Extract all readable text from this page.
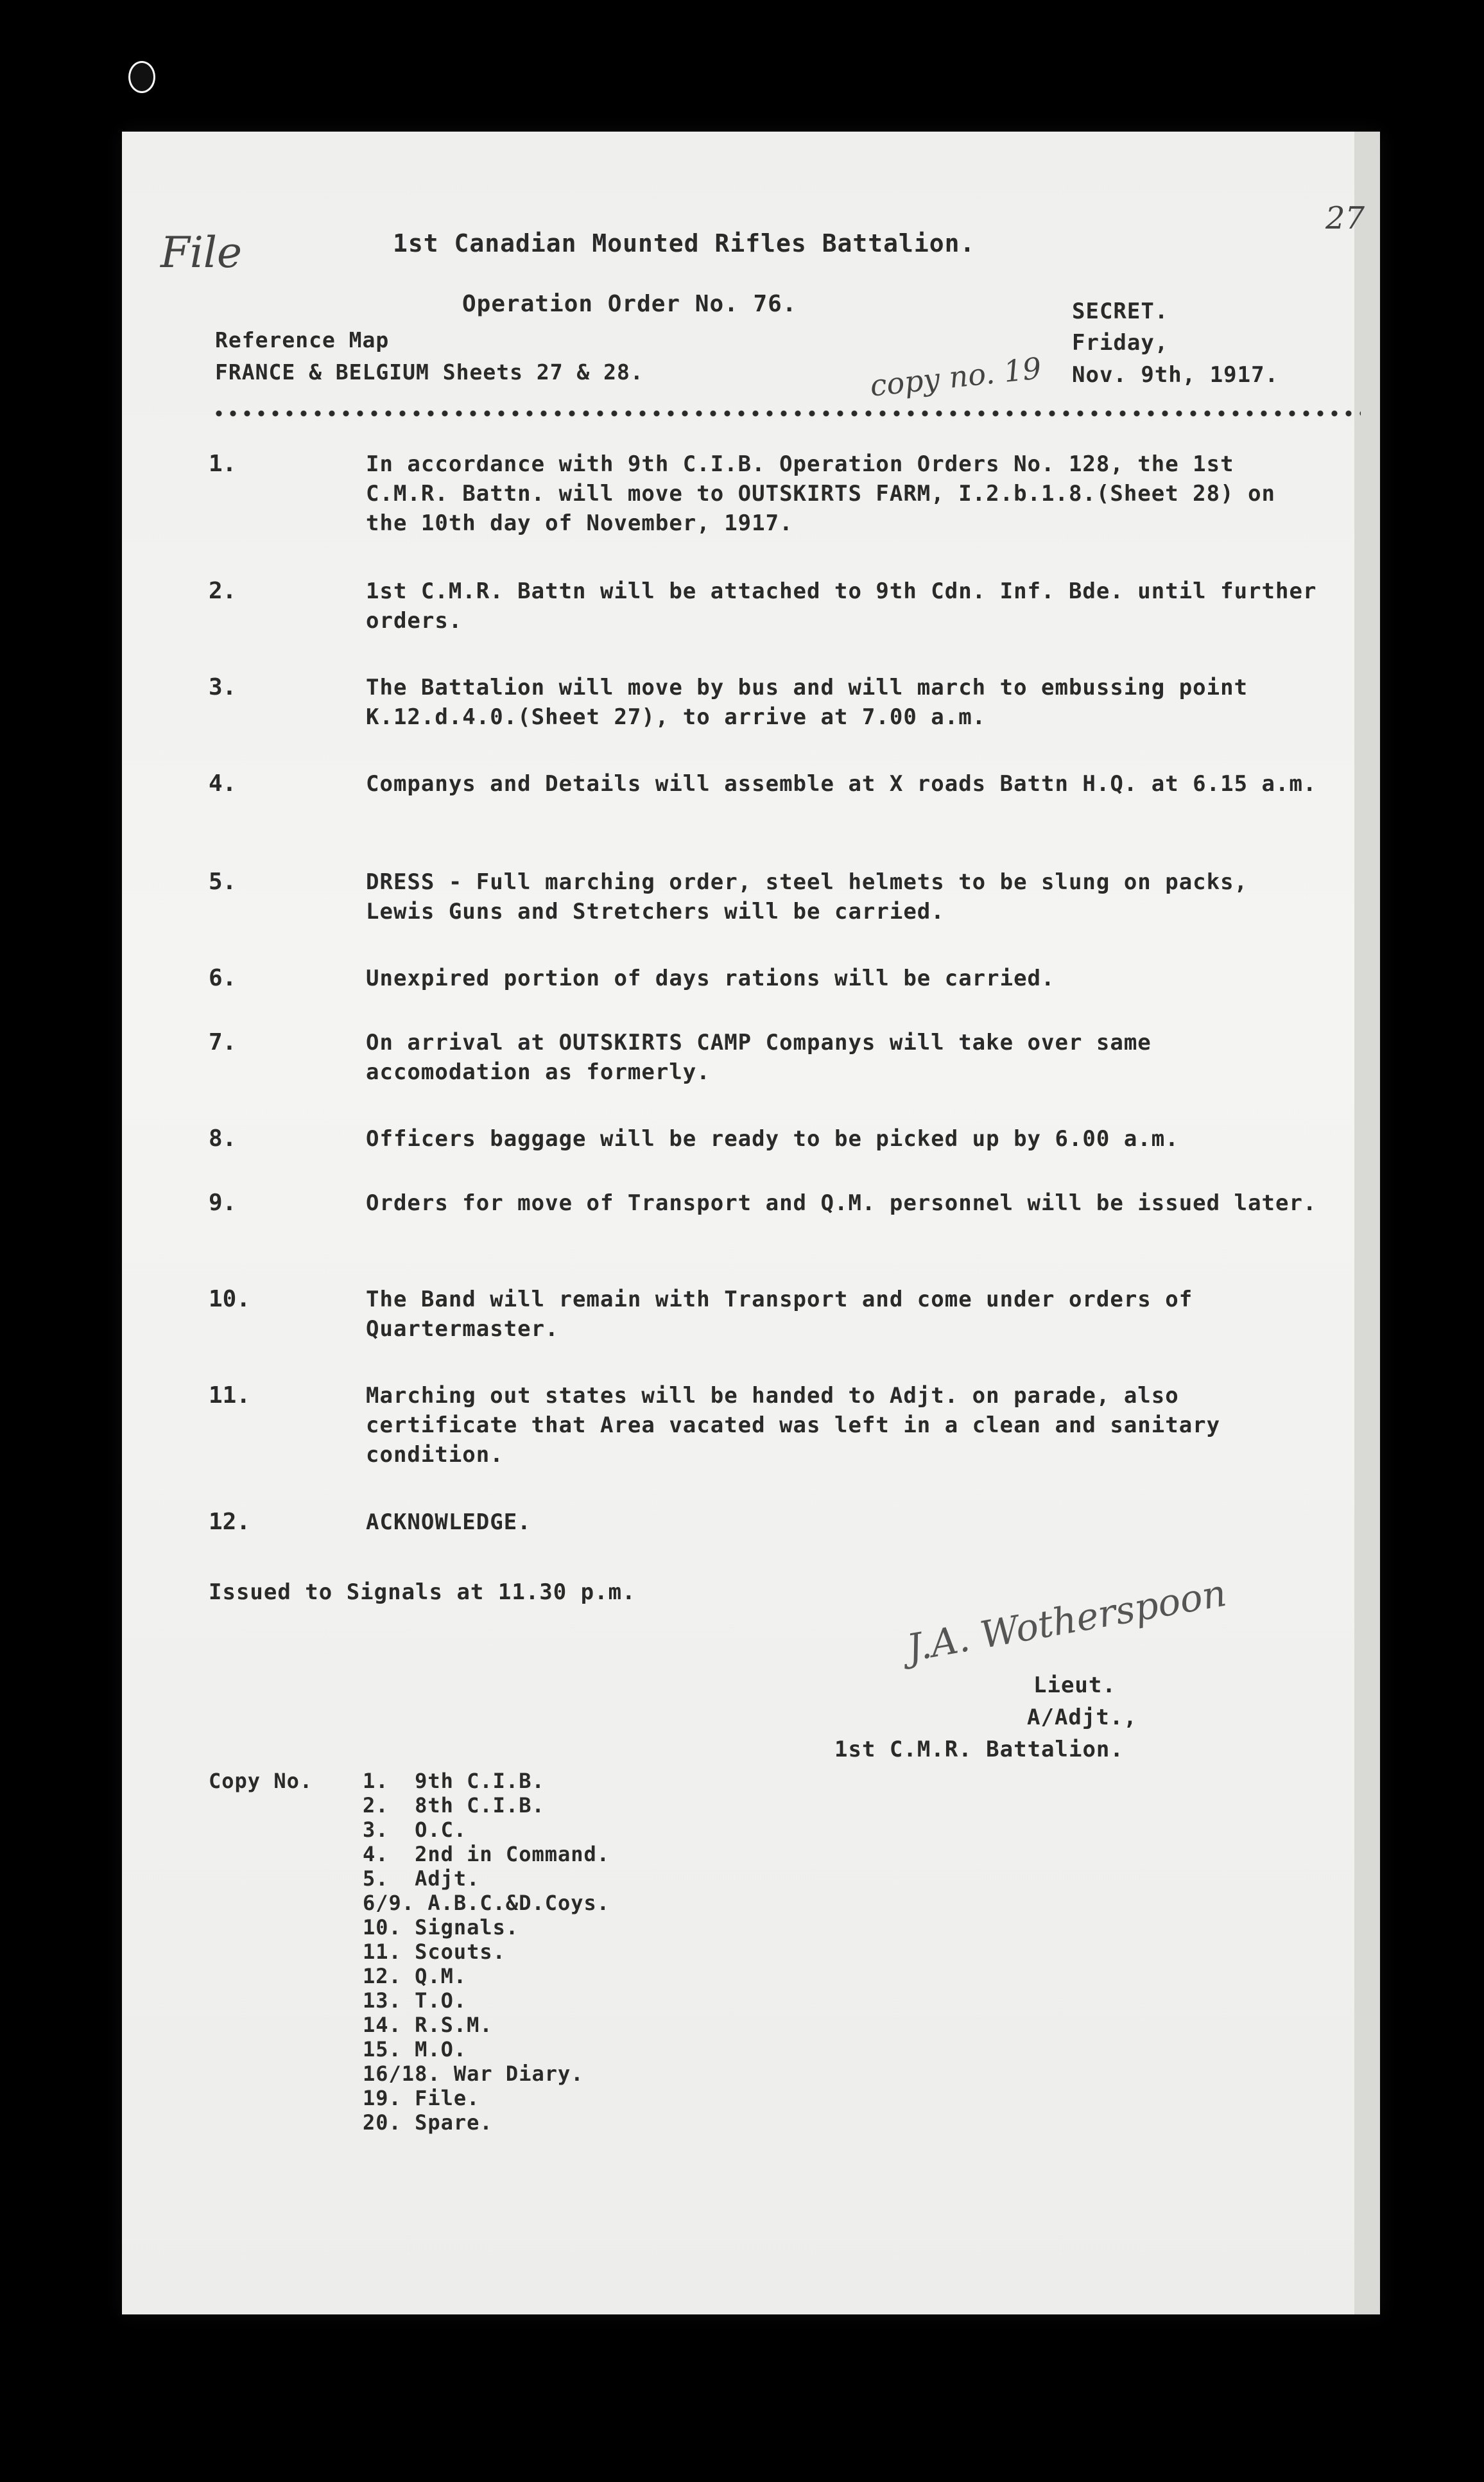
File
27
1st Canadian Mounted Rifles Battalion.
Operation Order No. 76.	SECRET.
Friday,
Nov. 9th, 1917.
Reference Map
FRANCE & BELGIUM Sheets 27 & 28.	copy no. 19
1.	In accordance with 9th C.I.B. Operation Orders No. 128, the 1st C.M.R. Battn. will move to OUTSKIRTS FARM, I.2.b.1.8.(Sheet 28) on the 10th day of November, 1917.
2.	1st C.M.R. Battn will be attached to 9th Cdn. Inf. Bde. until further orders.
3.	The Battalion will move by bus and will march to embussing point K.12.d.4.0.(Sheet 27), to arrive at 7.00 a.m.
4.	Companys and Details will assemble at X roads Battn H.Q. at 6.15 a.m.
5.	DRESS - Full marching order, steel helmets to be slung on packs, Lewis Guns and Stretchers will be carried.
6.	Unexpired portion of days rations will be carried.
7.	On arrival at OUTSKIRTS CAMP Companys will take over same accomodation as formerly.
8.	Officers baggage will be ready to be picked up by 6.00 a.m.
9.	Orders for move of Transport and Q.M. personnel will be issued later.
10.	The Band will remain with Transport and come under orders of Quartermaster.
11.	Marching out states will be handed to Adjt. on parade, also certificate that Area vacated was left in a clean and sanitary condition.
12.	ACKNOWLEDGE.
Issued to Signals at 11.30 p.m.	J.A. Wotherspoon
Lieut.
A/Adjt.,
1st C.M.R. Battalion.
Copy No. 1.  9th C.I.B.
2.  8th C.I.B.
3.  O.C.
4.  2nd in Command.
5.  Adjt.
6/9. A.B.C.&D.Coys.
10. Signals.
11. Scouts.
12. Q.M.
13. T.O.
14. R.S.M.
15. M.O.
16/18. War Diary.
19. File.
20. Spare.
